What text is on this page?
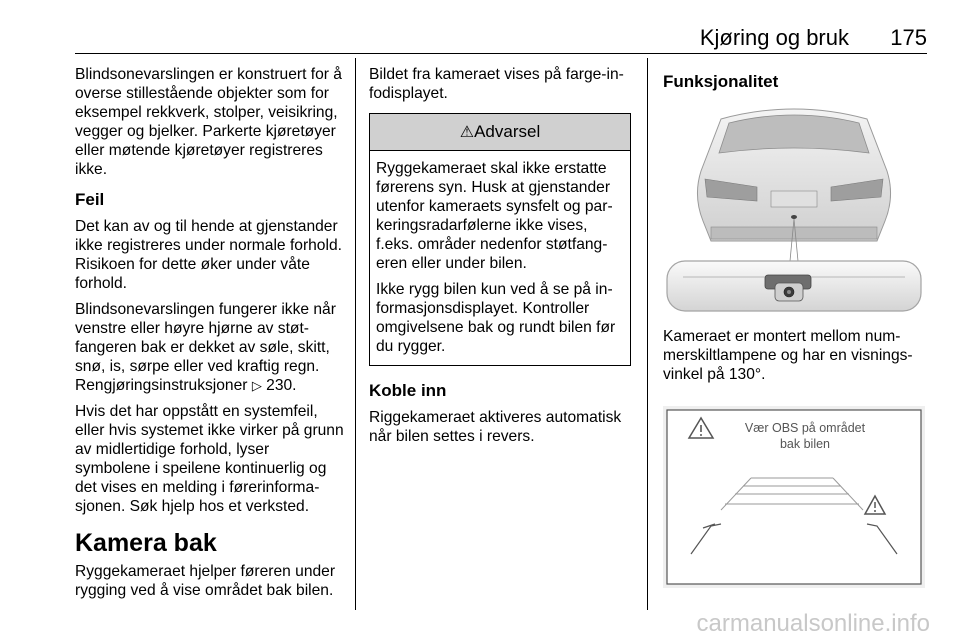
Kjøring og bruk 175

Blindsonevarslingen er konstruert for å overse stillestående objekter som for eksempel rekkverk, stolper, veisikring, vegger og bjelker. Parkerte kjøretøyer eller møtende kjøretøyer registreres ikke.

Feil

Det kan av og til hende at gjenstander ikke registreres under normale forhold. Risikoen for dette øker under våte forhold.

Blindsonevarslingen fungerer ikke når venstre eller høyre hjørne av støtfangeren bak er dekket av søle, skitt, snø, is, sørpe eller ved kraftig regn. Rengjøringsinstruksjoner ▷ 230.

Hvis det har oppstått en systemfeil, eller hvis systemet ikke virker på grunn av midlertidige forhold, lyser symbolene i speilene kontinuerlig og det vises en melding i førerinformasjonen. Søk hjelp hos et verksted.

Kamera bak

Ryggekameraet hjelper føreren under rygging ved å vise området bak bilen.

Bildet fra kameraet vises på farge-infodisplayet.

⚠Advarsel

Ryggekameraet skal ikke erstatte førerens syn. Husk at gjenstander utenfor kameraets synsfelt og parkeringsradarfølerne ikke vises, f.eks. områder nedenfor støtfangeren eller under bilen.

Ikke rygg bilen kun ved å se på informasjonsdisplayet. Kontroller omgivelsene bak og rundt bilen før du rygger.

Koble inn

Riggekameraet aktiveres automatisk når bilen settes i revers.

Funksjonalitet

Kameraet er montert mellom nummerskiltlampene og har en visningsvinkel på 130°.

Vær OBS på området
bak bilen
carmanualsonline.info
